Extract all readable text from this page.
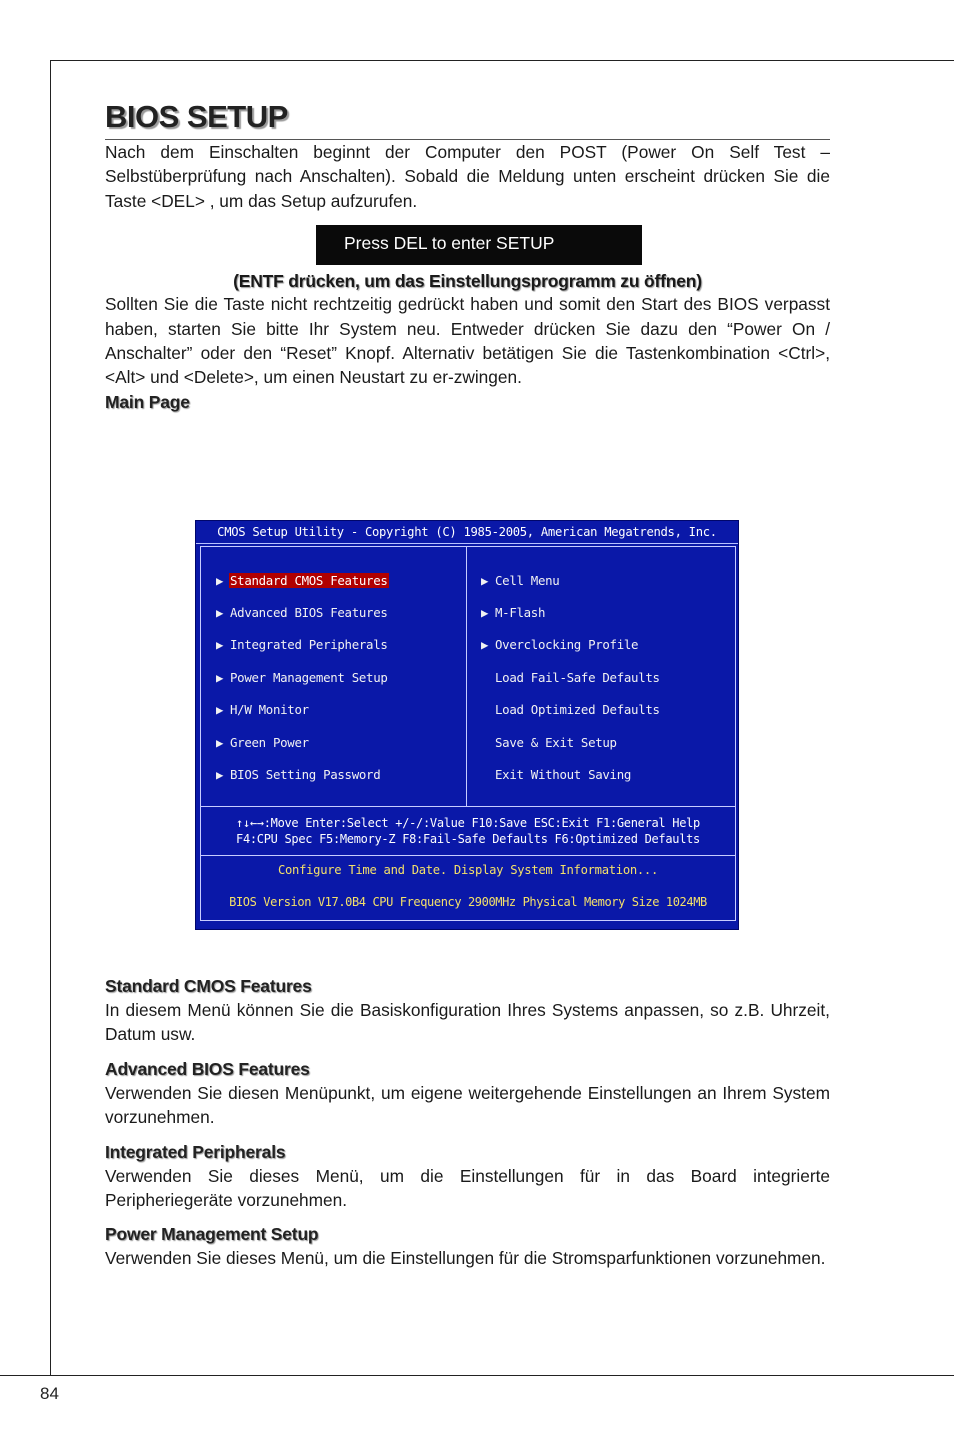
84
BIOS SETUP

Nach dem Einschalten beginnt der Computer den POST (Power On Self Test – Selbstüberprüfung nach Anschalten). Sobald die Meldung unten erscheint drücken Sie die Taste <DEL> , um das Setup aufzurufen.

Press DEL to enter SETUP
(ENTF drücken, um das Einstellungsprogramm zu öffnen)

Sollten Sie die Taste nicht rechtzeitig gedrückt haben und somit den Start des BIOS verpasst haben, starten Sie bitte Ihr System neu. Entweder drücken Sie dazu den “Power On / Anschalter” oder den “Reset” Knopf. Alternativ betätigen Sie die Tastenkombination <Ctrl>, <Alt> und <Delete>, um einen Neustart zu er-zwingen.

Main Page
CMOS Setup Utility - Copyright (C) 1985-2005, American Megatrends, Inc.
▶ Standard CMOS Features
▶ Advanced BIOS Features
▶ Integrated Peripherals
▶ Power Management Setup
▶ H/W Monitor
▶ Green Power
▶ BIOS Setting Password
▶ Cell Menu
▶ M-Flash
▶ Overclocking Profile
Load Fail-Safe Defaults
Load Optimized Defaults
Save & Exit Setup
Exit Without Saving
↑↓←→:Move Enter:Select +/-/:Value F10:Save ESC:Exit F1:General Help
F4:CPU Spec F5:Memory-Z F8:Fail-Safe Defaults F6:Optimized Defaults
Configure Time and Date. Display System Information...
BIOS Version V17.0B4 CPU Frequency 2900MHz Physical Memory Size 1024MB
Standard CMOS Features

In diesem Menü können Sie die Basiskonfiguration Ihres Systems anpassen, so z.B. Uhrzeit, Datum usw.

Advanced BIOS Features

Verwenden Sie diesen Menüpunkt, um eigene weitergehende Einstellungen an Ihrem System vorzunehmen.

Integrated Peripherals

Verwenden Sie dieses Menü, um die Einstellungen für in das Board integrierte Peripheriegeräte vorzunehmen.

Power Management Setup

Verwenden Sie dieses Menü, um die Einstellungen für die Stromsparfunktionen vorzunehmen.
